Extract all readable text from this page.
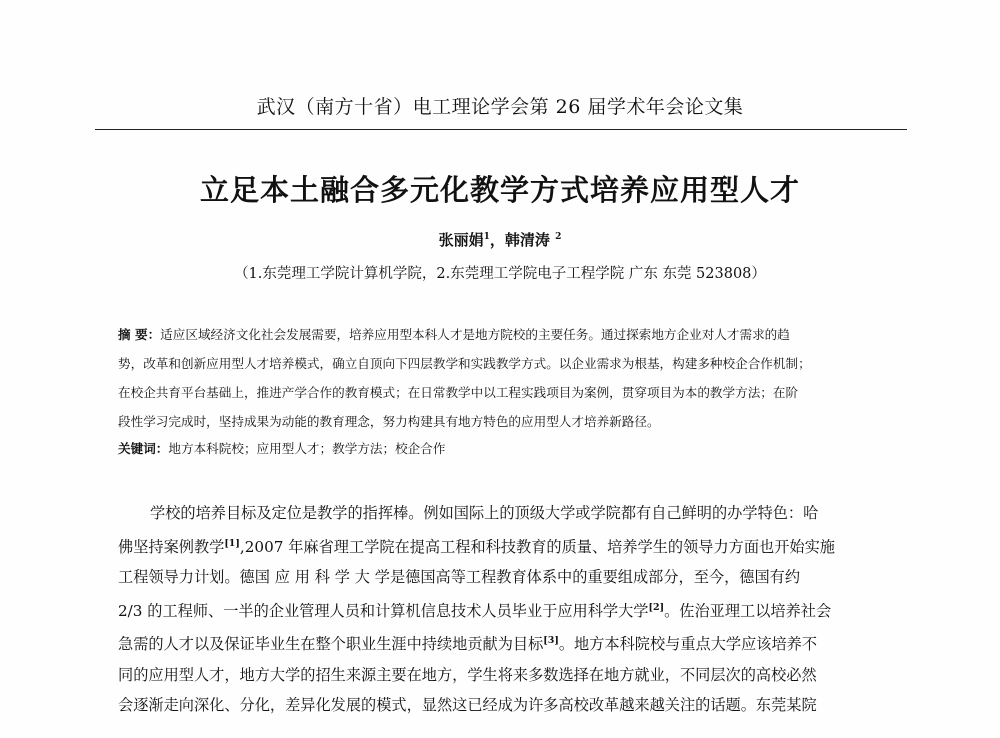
武汉（南方十省）电工理论学会第 26 届学术年会论文集
立足本土融合多元化教学方式培养应用型人才
张丽娟$^1$，韩清涛 $^2$
（1.东莞理工学院计算机学院，2.东莞理工学院电子工程学院 广东 东莞 523808）
摘 要：适应区域经济文化社会发展需要，培养应用型本科人才是地方院校的主要任务。通过探索地方企业对人才需求的趋
势，改革和创新应用型人才培养模式，确立自顶向下四层教学和实践教学方式。以企业需求为根基，构建多种校企合作机制；
在校企共育平台基础上，推进产学合作的教育模式；在日常教学中以工程实践项目为案例，贯穿项目为本的教学方法；在阶
段性学习完成时，坚持成果为动能的教育理念，努力构建具有地方特色的应用型人才培养新路径。
关键词：地方本科院校；应用型人才；教学方法；校企合作
学校的培养目标及定位是教学的指挥棒。例如国际上的顶级大学或学院都有自己鲜明的办学特色：哈
佛坚持案例教学[1],2007 年麻省理工学院在提高工程和科技教育的质量、培养学生的领导力方面也开始实施
工程领导力计划。德国 应 用 科 学 大 学是德国高等工程教育体系中的重要组成部分，至今，德国有约
2/3 的工程师、一半的企业管理人员和计算机信息技术人员毕业于应用科学大学[2]。佐治亚理工以培养社会
急需的人才以及保证毕业生在整个职业生涯中持续地贡献为目标[3]。地方本科院校与重点大学应该培养不
同的应用型人才，地方大学的招生来源主要在地方，学生将来多数选择在地方就业，不同层次的高校必然
会逐渐走向深化、分化，差异化发展的模式，显然这已经成为许多高校改革越来越关注的话题。东莞某院
